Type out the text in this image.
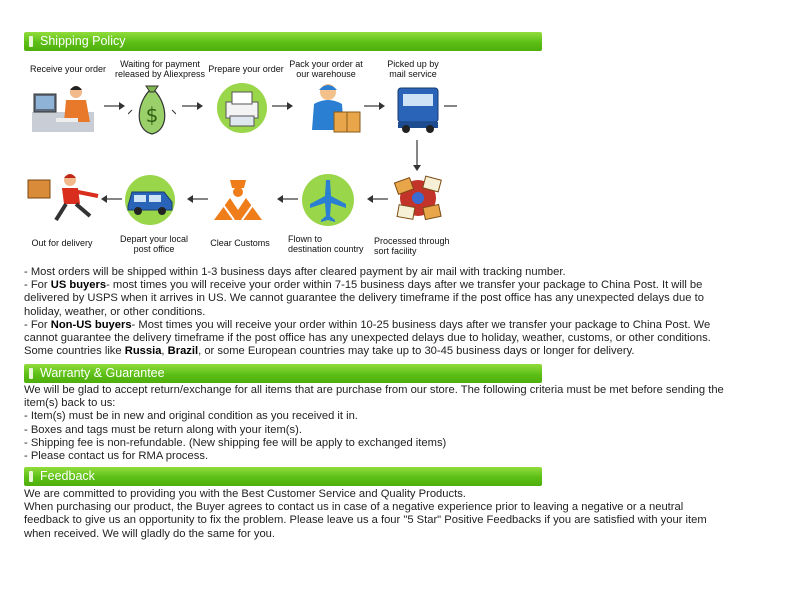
Shipping Policy
Receive your order	Waiting for payment released by Aliexpress Prepare your order Pack your order at our warehouse
Picked up by mail service
$
Processed through sort facility
Flown to destination country
Clear Customs
Depart your local post office
Out for delivery

- Most orders will be shipped within 1-3 business days after cleared payment by air mail with tracking number.

- For US buyers- most times you will receive your order within 7-15 business days after we transfer your package to China Post. It will be delivered by USPS when it arrives in US. We cannot guarantee the delivery timeframe if the post office has any unexpected delays due to holiday, weather, or other conditions.

- For Non-US buyers- Most times you will receive your order within 10-25 business days after we transfer your package to China Post. We cannot guarantee the delivery timeframe if the post office has any unexpected delays due to holiday, weather, customs, or other conditions. Some countries like Russia, Brazil, or some European countries may take up to 30-45 business days or longer for delivery.

Warranty & Guarantee

We will be glad to accept return/exchange for all items that are purchase from our store. The following criteria must be met before sending the item(s) back to us:

- Item(s) must be in new and original condition as you received it in.

- Boxes and tags must be return along with your item(s).

- Shipping fee is non-refundable. (New shipping fee will be apply to exchanged items)

- Please contact us for RMA process.

Feedback

We are committed to providing you with the Best Customer Service and Quality Products.

When purchasing our product, the Buyer agrees to contact us in case of a negative experience prior to leaving a negative or a neutral feedback to give us an opportunity to fix the problem. Please leave us a four "5 Star" Positive Feedbacks if you are satisfied with your item when received. We will gladly do the same for you.
